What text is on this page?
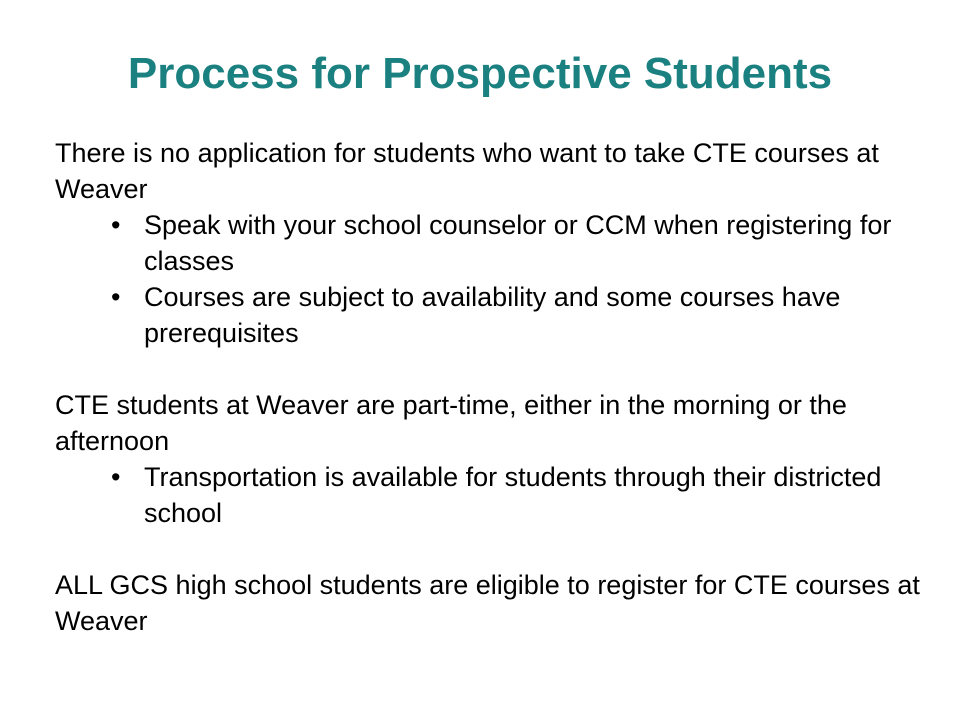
Process for Prospective Students

There is no application for students who want to take CTE courses at Weaver

• Speak with your school counselor or CCM when registering for classes
• Courses are subject to availability and some courses have prerequisites

CTE students at Weaver are part-time, either in the morning or the afternoon

• Transportation is available for students through their districted school

ALL GCS high school students are eligible to register for CTE courses at Weaver
